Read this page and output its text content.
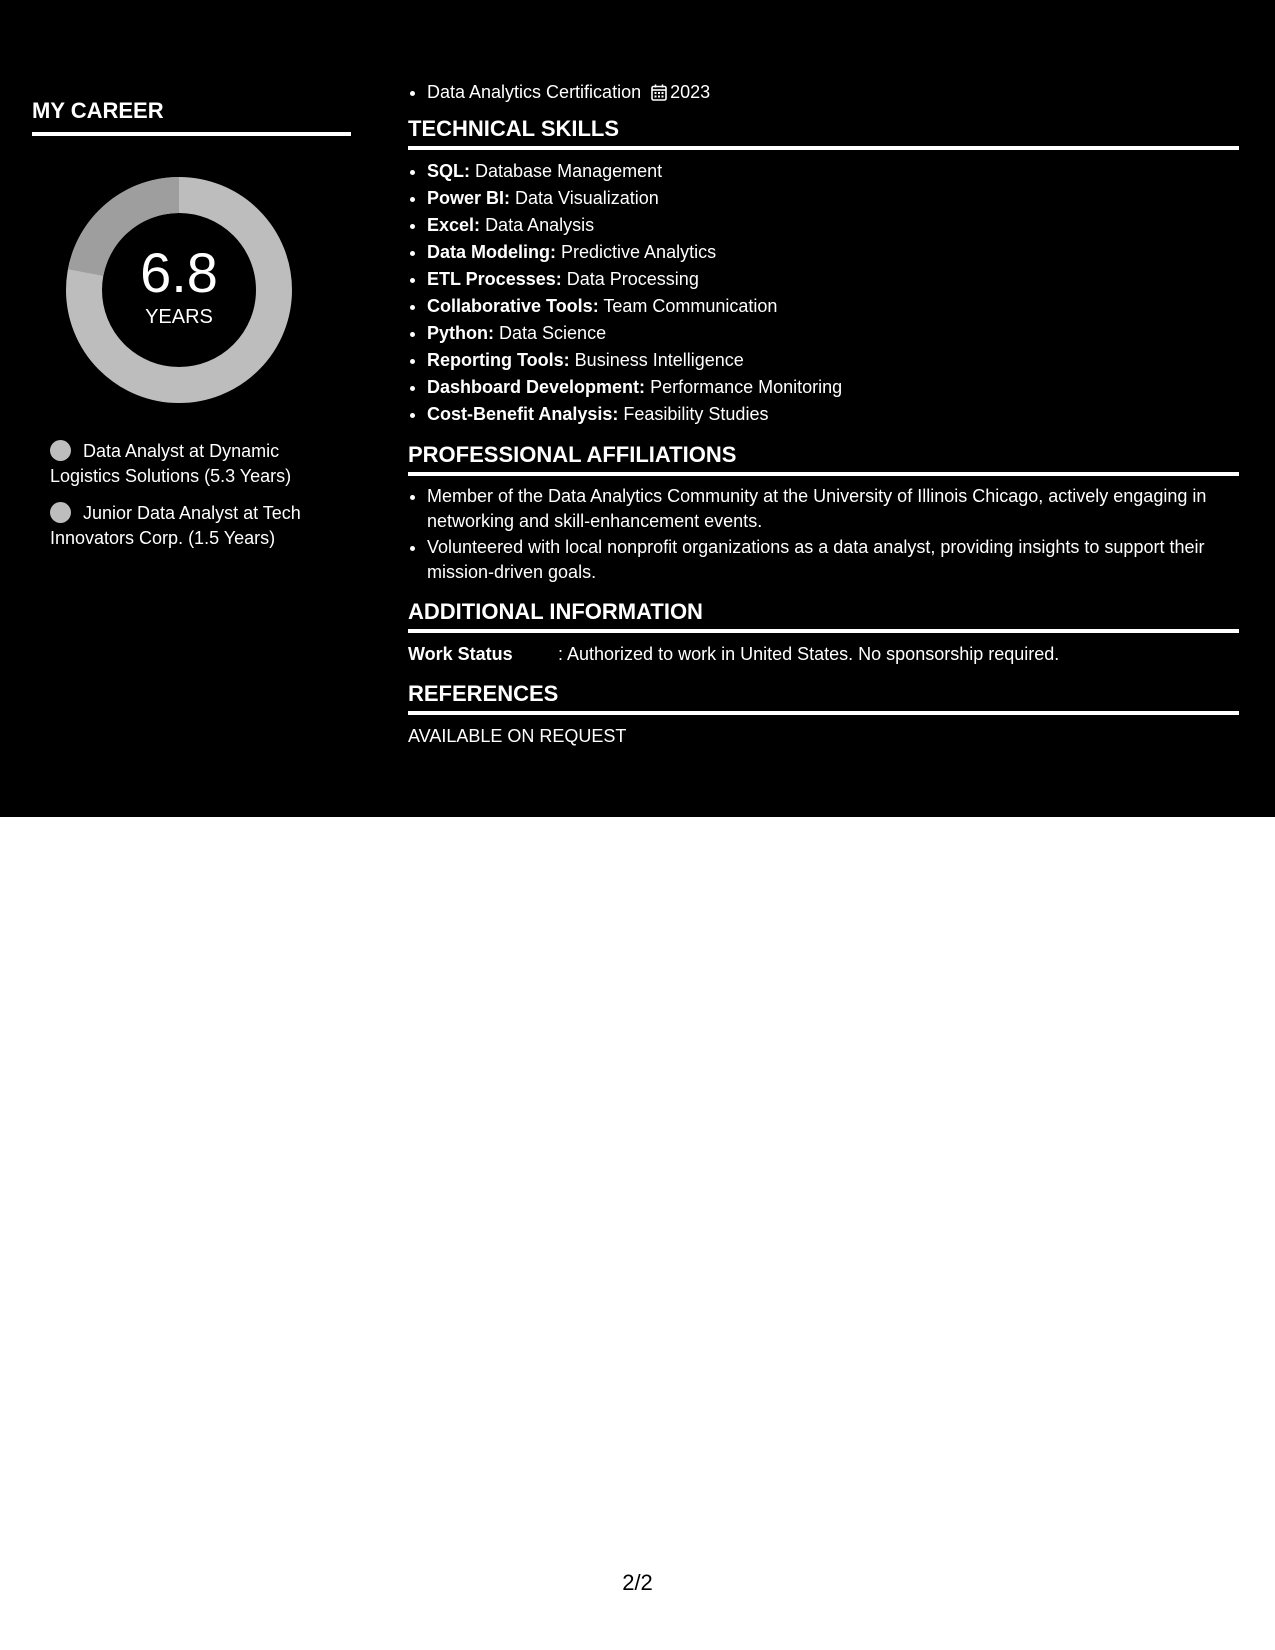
MY CAREER
6.8
YEARS
Data Analyst at Dynamic Logistics Solutions (5.3 Years)
Junior Data Analyst at Tech Innovators Corp. (1.5 Years)
• Data Analytics Certification 2023
TECHNICAL SKILLS
• SQL: Database Management
• Power BI: Data Visualization
• Excel: Data Analysis
• Data Modeling: Predictive Analytics
• ETL Processes: Data Processing
• Collaborative Tools: Team Communication
• Python: Data Science
• Reporting Tools: Business Intelligence
• Dashboard Development: Performance Monitoring
• Cost-Benefit Analysis: Feasibility Studies
PROFESSIONAL AFFILIATIONS
• Member of the Data Analytics Community at the University of Illinois Chicago, actively engaging in networking and skill-enhancement events.
• Volunteered with local nonprofit organizations as a data analyst, providing insights to support their mission-driven goals.
ADDITIONAL INFORMATION
Work Status	: Authorized to work in United States. No sponsorship required.
REFERENCES
AVAILABLE ON REQUEST
2/2
